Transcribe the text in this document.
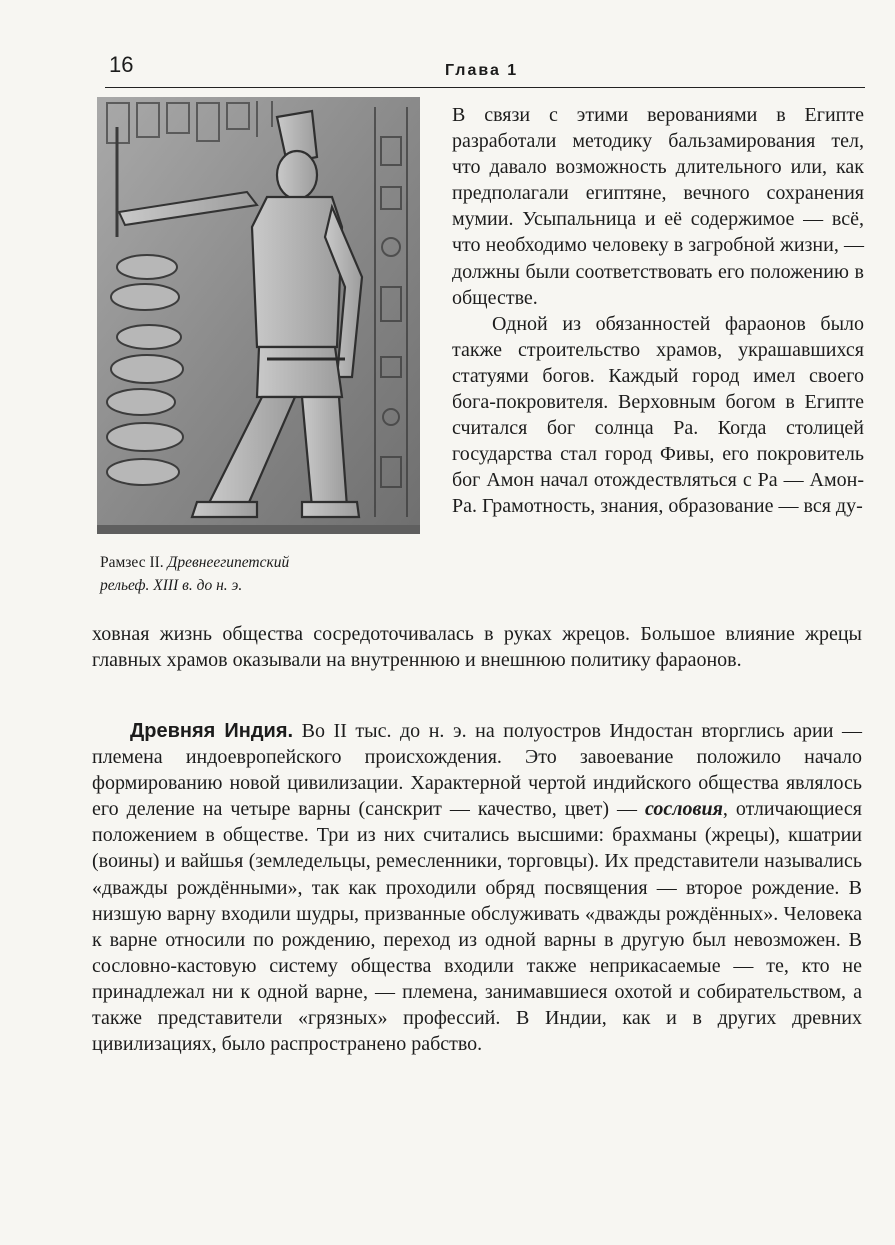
16	Глава 1
Рамзес II. Древнеегипетский
рельеф. XIII в. до н. э.

В связи с этими верованиями в Египте разработали методику бальзамирования тел, что давало возможность длительного или, как предполагали египтяне, вечного сохранения мумии. Усыпальница и её содержимое — всё, что необходимо человеку в загробной жизни, — должны были соответствовать его положению в обществе.

Одной из обязанностей фараонов было также строительство храмов, украшавшихся статуями богов. Каждый город имел своего бога-покровителя. Верховным богом в Египте считался бог солнца Ра. Когда столицей государства стал город Фивы, его покровитель бог Амон начал отождествляться с Ра — Амон-Ра. Грамотность, знания, образование — вся ду-

ховная жизнь общества сосредоточивалась в руках жрецов. Большое влияние жрецы главных храмов оказывали на внутреннюю и внешнюю политику фараонов.

Древняя Индия. Во II тыс. до н. э. на полуостров Индостан вторглись арии — племена индоевропейского происхождения. Это завоевание положило начало формированию новой цивилизации. Характерной чертой индийского общества являлось его деление на четыре варны (санскрит — качество, цвет) — сословия, отличающиеся положением в обществе. Три из них считались высшими: брахманы (жрецы), кшатрии (воины) и вайшья (земледельцы, ремесленники, торговцы). Их представители назывались «дважды рождёнными», так как проходили обряд посвящения — второе рождение. В низшую варну входили шудры, призванные обслуживать «дважды рождённых». Человека к варне относили по рождению, переход из одной варны в другую был невозможен. В сословно-кастовую систему общества входили также неприкасаемые — те, кто не принадлежал ни к одной варне, — племена, занимавшиеся охотой и собирательством, а также представители «грязных» профессий. В Индии, как и в других древних цивилизациях, было распространено рабство.
